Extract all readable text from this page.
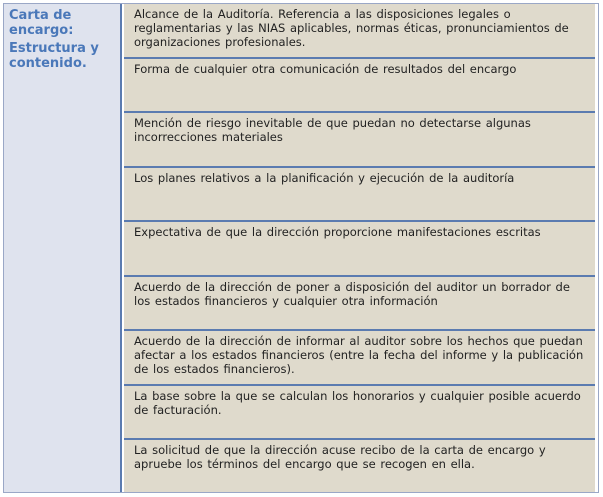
Carta de encargo:
Estructura y contenido.
Alcance de la Auditoría. Referencia a las disposiciones legales o reglamentarias y las NIAS aplicables, normas éticas, pronunciamientos de organizaciones profesionales.
Forma de cualquier otra comunicación de resultados del encargo
Mención de riesgo inevitable de que puedan no detectarse algunas incorrecciones materiales
Los planes relativos a la planificación y ejecución de la auditoría
Expectativa de que la dirección proporcione manifestaciones escritas
Acuerdo de la dirección de poner a disposición del auditor un borrador de los estados financieros y cualquier otra información
Acuerdo de la dirección de informar al auditor sobre los hechos que puedan afectar a los estados financieros (entre la fecha del informe y la publicación de los estados financieros).
La base sobre la que se calculan los honorarios y cualquier posible acuerdo de facturación.
La solicitud de que la dirección acuse recibo de la carta de encargo y apruebe los términos del encargo que se recogen en ella.
